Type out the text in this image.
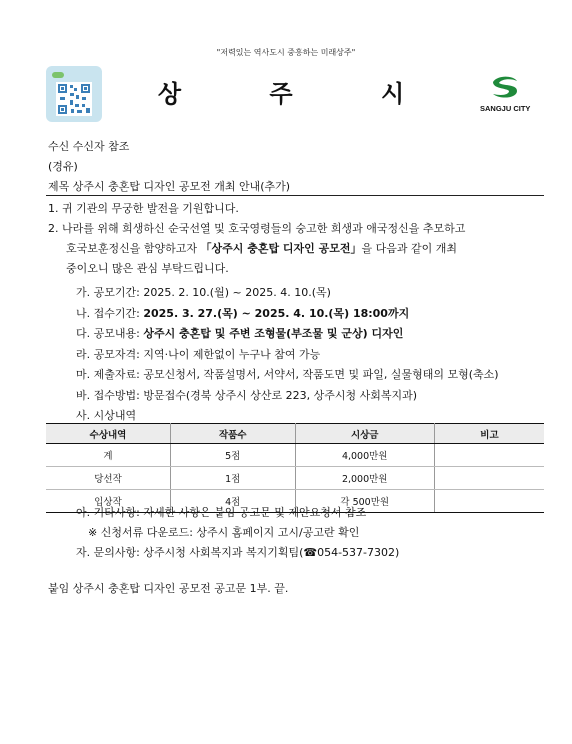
"저력있는 역사도시 중흥하는 미래상주"
상 주 시
SANGJU CITY
수신 수신자 참조
(경유)
제목 상주시 충혼탑 디자인 공모전 개최 안내(추가)
1. 귀 기관의 무궁한 발전을 기원합니다.
2. 나라를 위해 희생하신 순국선열 및 호국영령들의 숭고한 희생과 애국정신을 추모하고
호국보훈정신을 함양하고자 「상주시 충혼탑 디자인 공모전」을 다음과 같이 개최
중이오니 많은 관심 부탁드립니다.
가. 공모기간: 2025. 2. 10.(월) ~ 2025. 4. 10.(목)
나. 접수기간: 2025. 3. 27.(목) ~ 2025. 4. 10.(목) 18:00까지
다. 공모내용: 상주시 충혼탑 및 주변 조형물(부조물 및 군상) 디자인
라. 공모자격: 지역·나이 제한없이 누구나 참여 가능
마. 제출자료: 공모신청서, 작품설명서, 서약서, 작품도면 및 파일, 실물형태의 모형(축소)
바. 접수방법: 방문접수(경북 상주시 상산로 223, 상주시청 사회복지과)
사. 시상내역
수상내역	작품수	시상금	비고
계	5점	4,000만원	
당선작	1점	2,000만원	
입상작	4점	각 500만원	
아. 기타사항: 자세한 사항은 붙임 공고문 및 제안요청서 참조
※ 신청서류 다운로드: 상주시 홈페이지 고시/공고란 확인
자. 문의사항: 상주시청 사회복지과 복지기획팀(☎054-537-7302)
붙임 상주시 충혼탑 디자인 공모전 공고문 1부. 끝.
